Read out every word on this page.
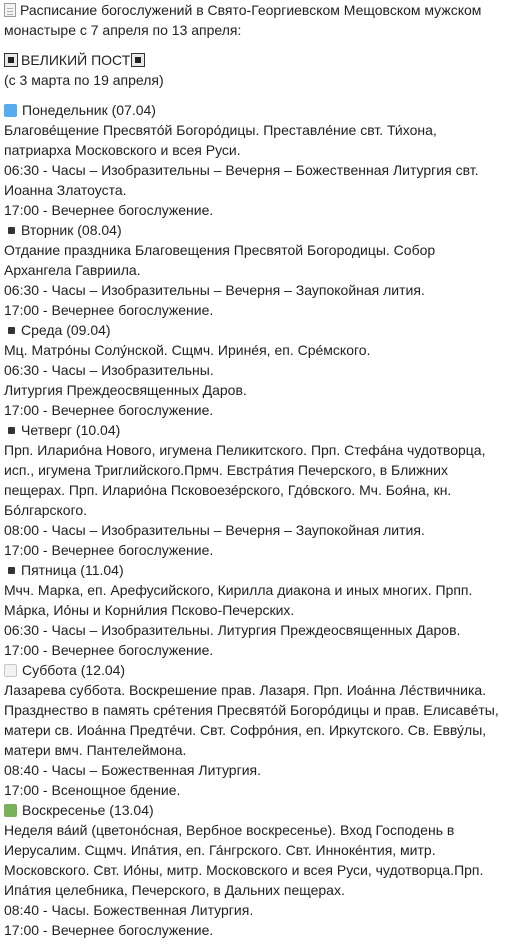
Расписание богослужений в Свято-Георгиевском Мещовском мужском монастыре с 7 апреля по 13 апреля:
ВЕЛИКИЙ ПОСТ
(с 3 марта по 19 апреля)
Понедельник (07.04)
Благове́щение Пресвято́й Богоро́дицы. Преставле́ние свт. Ти́хона, патриарха Московского и всея Руси.
06:30 - Часы – Изобразительны – Вечерня – Божественная Литургия свт. Иоанна Златоуста.
17:00 - Вечернее богослужение.
Вторник (08.04)
Отдание праздника Благовещения Пресвятой Богородицы. Собор Архангела Гавриила.
06:30 - Часы – Изобразительны – Вечерня – Заупокойная лития.
17:00 - Вечернее богослужение.
Среда (09.04)
Мц. Матро́ны Солу́нской. Сщмч. Ирине́я, еп. Сре́мского.
06:30 - Часы – Изобразительны.
Литургия Преждеосвященных Даров.
17:00 - Вечернее богослужение.
Четверг (10.04)
Прп. Иларио́на Нового, игумена Пеликитского. Прп. Стефа́на чудотворца, исп., игумена Триглийского.Прмч. Евстра́тия Печерского, в Ближних пещерах. Прп. Иларио́на Псковоезе́рского, Гдо́вского. Мч. Боя́на, кн. Бо́лгарского.
08:00 - Часы – Изобразительны – Вечерня – Заупокойная лития.
17:00 - Вечернее богослужение.
Пятница (11.04)
Мчч. Марка, еп. Арефусийского, Кирилла диакона и иных многих. Прпп. Ма́рка, Ио́ны и Корни́лия Псково-Печерских.
06:30 - Часы – Изобразительны. Литургия Преждеосвященных Даров.
17:00 - Вечернее богослужение.
Суббота (12.04)
Лазарева суббота. Воскрешение прав. Лазаря. Прп. Иоа́нна Ле́ствичника. Празднество в память сре́тения Пресвято́й Богоро́дицы и прав. Елисаве́ты, матери св. Иоа́нна Предте́чи. Свт. Софро́ния, еп. Иркутского. Св. Евву́лы, матери вмч. Пантелеймона.
08:40 - Часы – Божественная Литургия.
17:00 - Всенощное бдение.
Воскресенье (13.04)
Неделя ва́ий (цветоно́сная, Вербное воскресенье). Вход Господень в Иерусалим. Сщмч. Ипа́тия, еп. Га́нгрского. Свт. Иннокéнтия, митр. Московского. Свт. Ио́ны, митр. Московского и всея Руси, чудотворца.Прп. Ипа́тия целебника, Печерского, в Дальних пещерах.
08:40 - Часы. Божественная Литургия.
17:00 - Вечернее богослужение.
